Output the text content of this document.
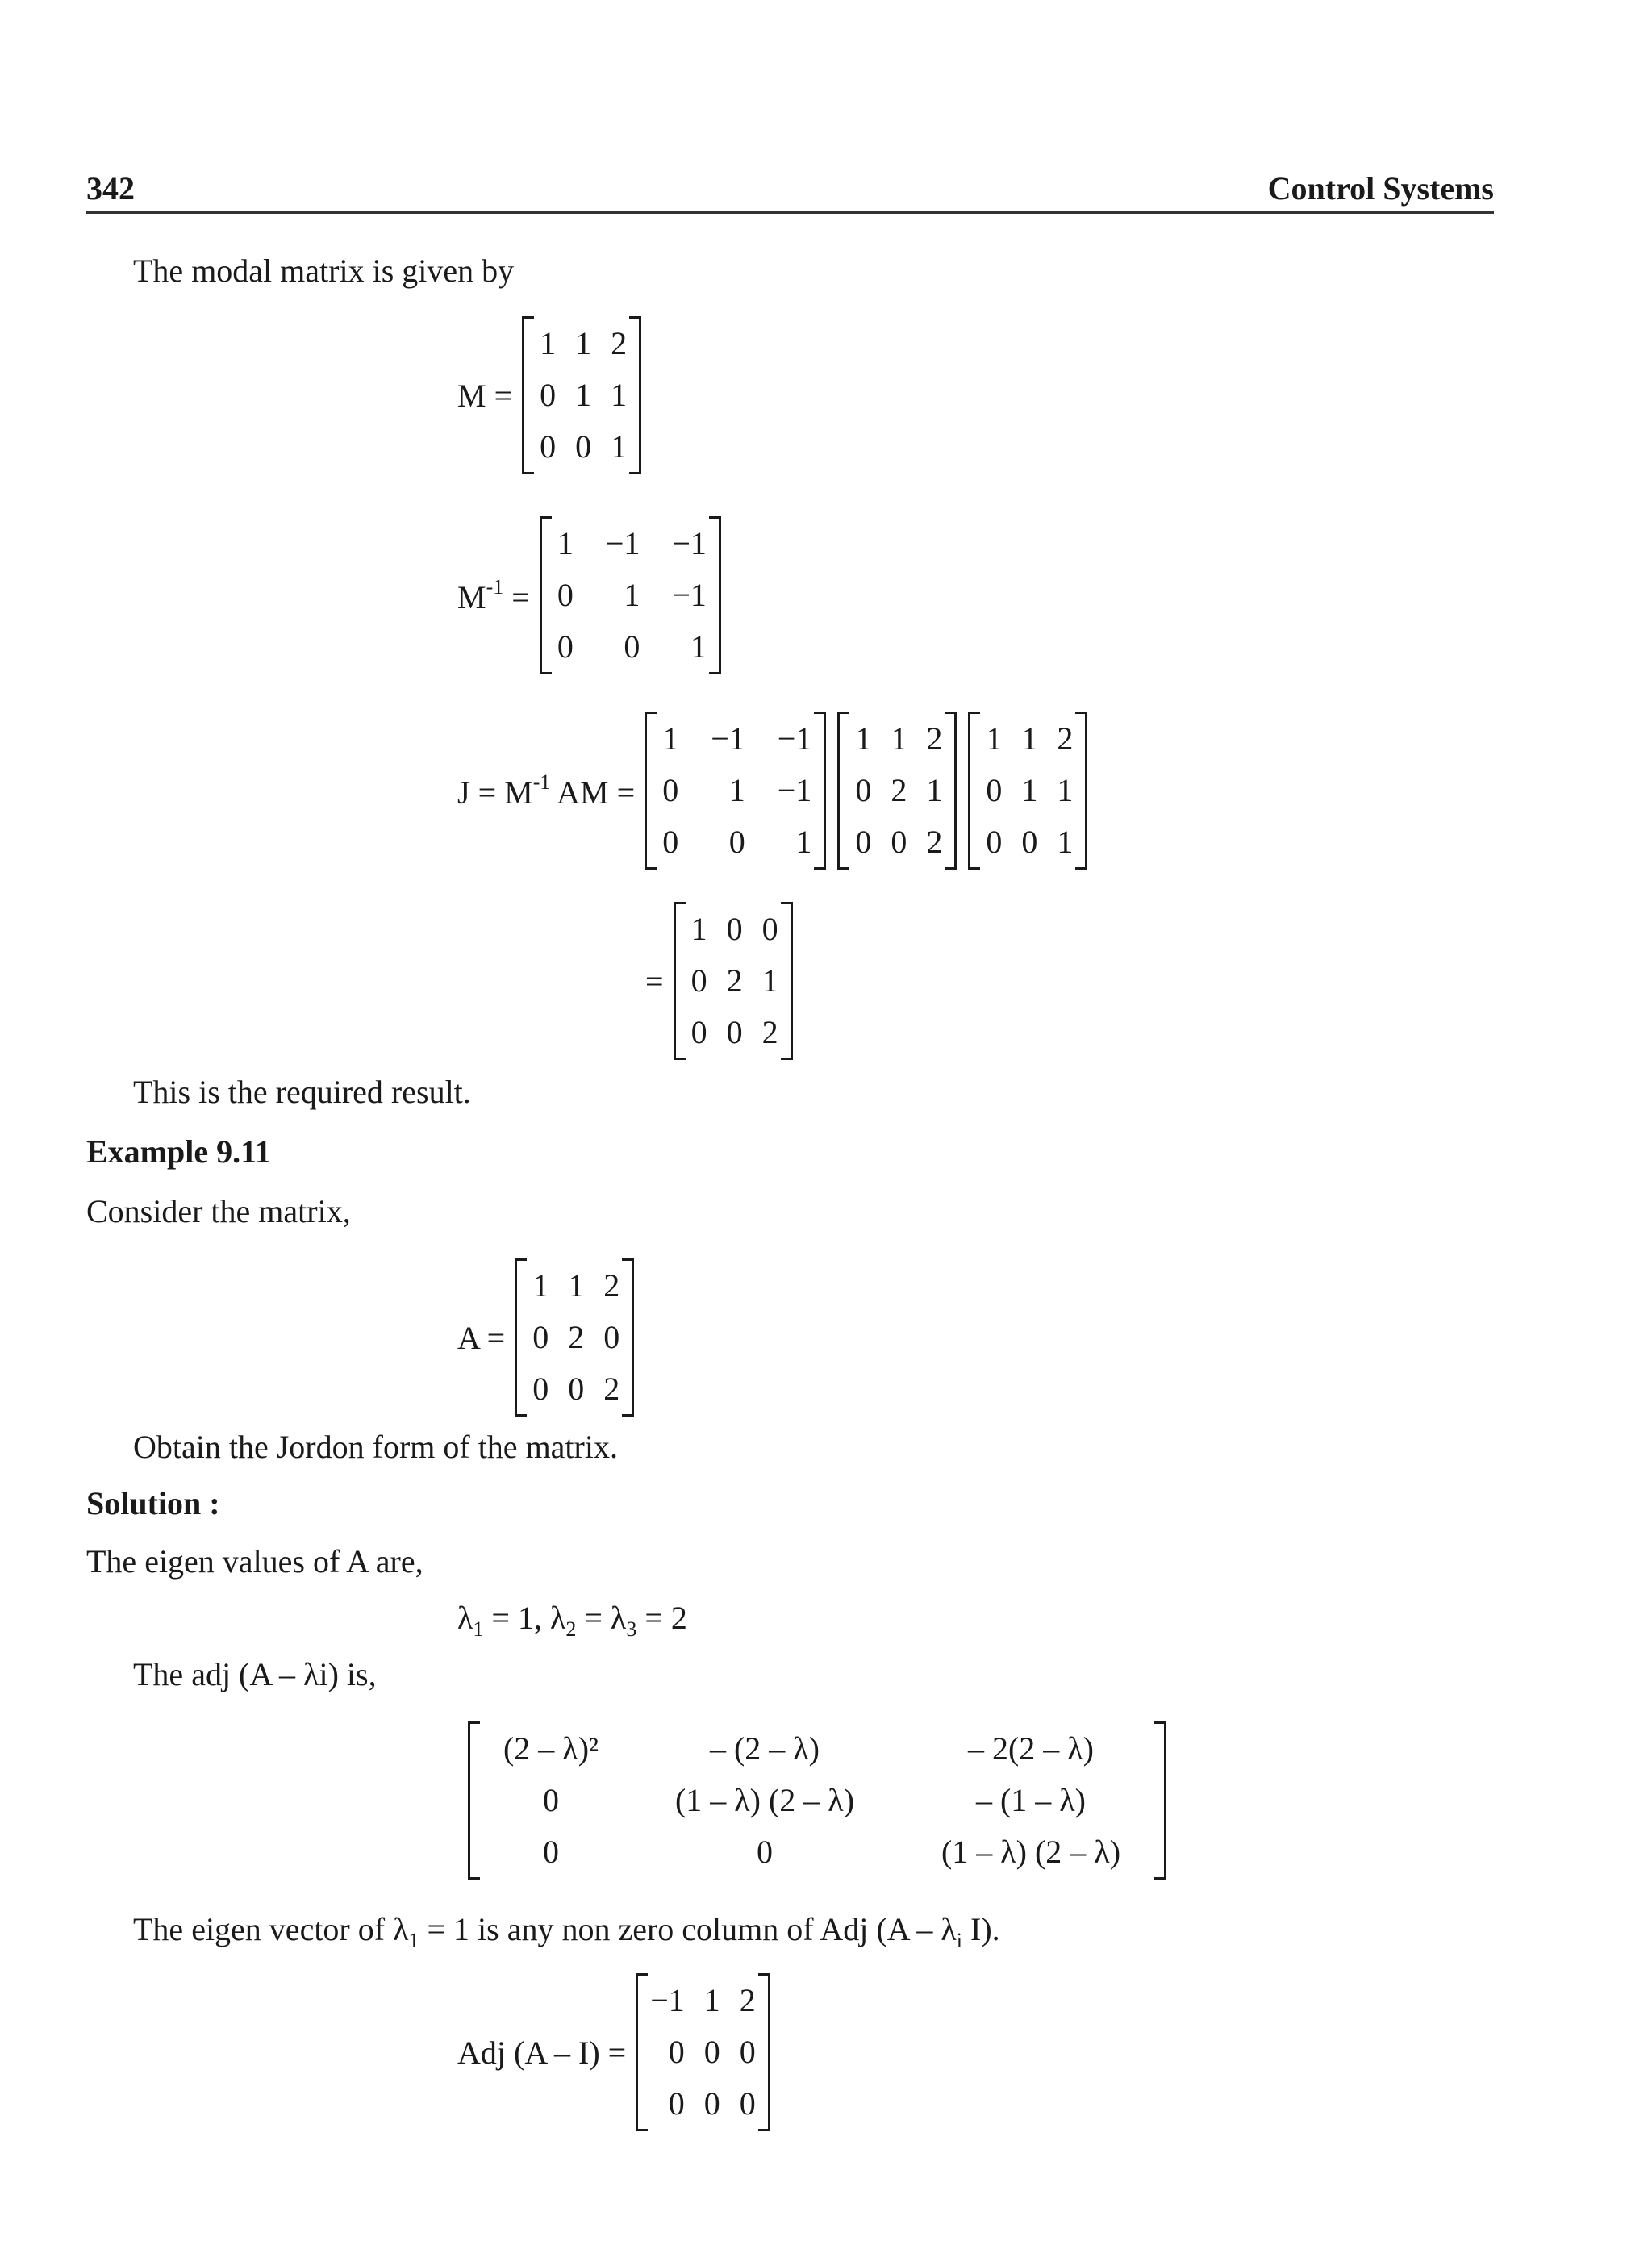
342	Control Systems
The modal matrix is given by
M =
1 1 2
0 1 1
0 0 1
$M^{-1}$ =
1 −1 −1
0	1 −1
0	0	1
$J = M^{-1}$ AM =
1 −1 −1
0	1 −1
0	0	1
1 1 2
0 2 1
0 0 2
1 1 2
0 1 1
0 0 1
=
1 0 0
0 2 1
0 0 2
This is the required result.
Example 9.11
Consider the matrix,
A =
1 1 2
0 2 0
0 0 2
Obtain the Jordon form of the matrix.
Solution :
The eigen values of A are,
$\lambda_1 = 1$, $\lambda_2 = \lambda_3 = 2$
The adj (A – λi) is,
(2 – λ)²	– (2 – λ)	– 2(2 – λ)
0	(1 – λ) (2 – λ)	– (1 – λ)
0	0	(1 – λ) (2 – λ)
The eigen vector of $\lambda_1 = 1$ is any non zero column of Adj ($A - \lambda_i$ I).
Adj (A – I) =
−1 1 2
0 0 0
0 0 0
